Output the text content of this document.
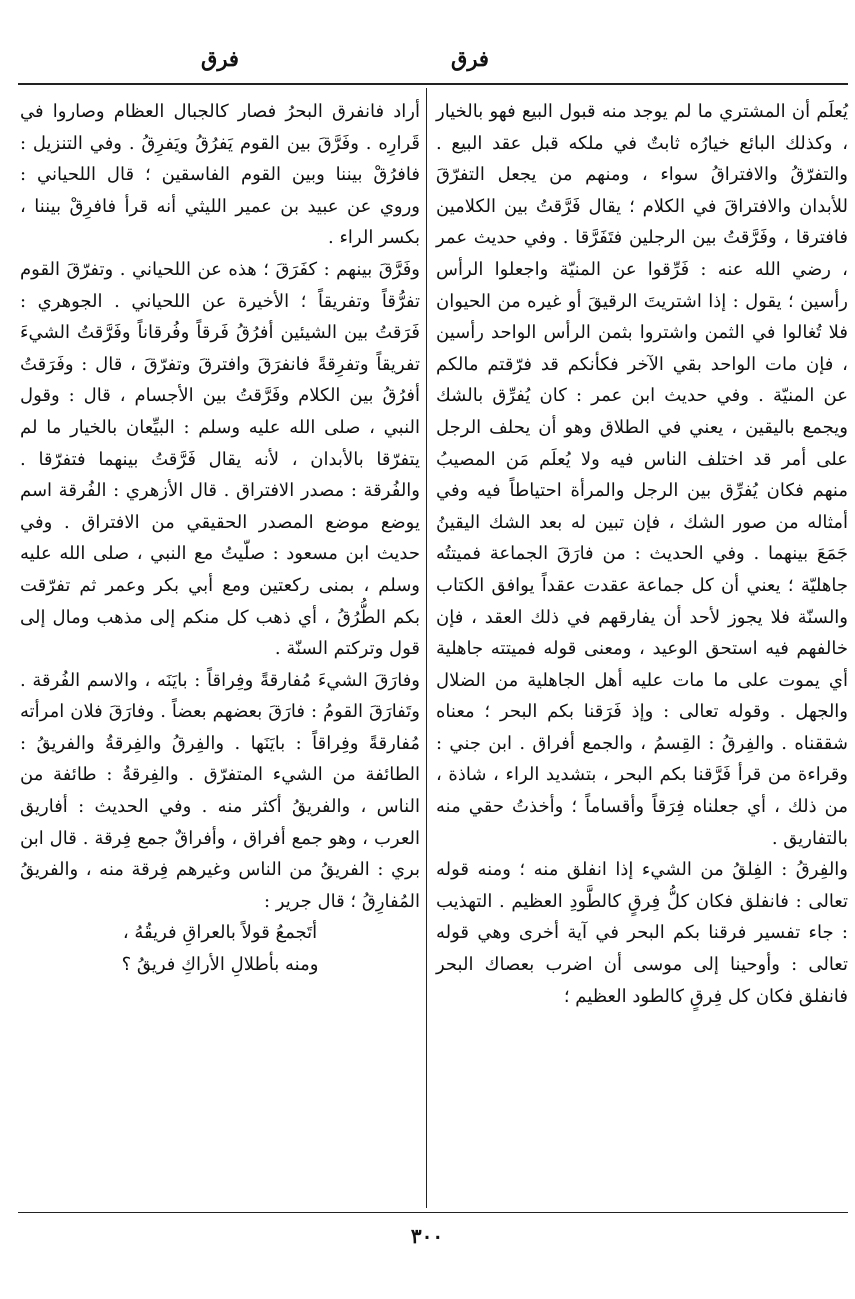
فرق
فرق

يُعلَم أن المشتري ما لم يوجد منه قبول البيع فهو بالخيار ، وكذلك البائع خيارُه ثابتٌ في ملكه قبل عقد البيع . والتفرّقُ والافتراقُ سواء ، ومنهم من يجعل التفرّقَ للأبدان والافتراقَ في الكلام ؛ يقال فَرَّقتُ بين الكلامين فافترقا ، وفَرَّقتُ بين الرجلين فتَفَرَّقا . وفي حديث عمر ، رضي الله عنه : فَرِّقوا عن المنيّة واجعلوا الرأس رأسين ؛ يقول : إذا اشتريتَ الرقيقَ أو غيره من الحيوان فلا تُغالوا في الثمن واشتروا بثمن الرأس الواحد رأسين ، فإن مات الواحد بقي الآخر فكأنكم قد فرّقتم مالكم عن المنيّة . وفي حديث ابن عمر : كان يُفرِّق بالشك ويجمع باليقين ، يعني في الطلاق وهو أن يحلف الرجل على أمر قد اختلف الناس فيه ولا يُعلَم مَن المصيبُ منهم فكان يُفرِّق بين الرجل والمرأة احتياطاً فيه وفي أمثاله من صور الشك ، فإن تبين له بعد الشك اليقينُ جَمَعَ بينهما . وفي الحديث : من فارَقَ الجماعة فميتتُه جاهليّة ؛ يعني أن كل جماعة عقدت عقداً يوافق الكتاب والسنّة فلا يجوز لأحد أن يفارقهم في ذلك العقد ، فإن خالفهم فيه استحق الوعيد ، ومعنى قوله فميتته جاهلية أي يموت على ما مات عليه أهل الجاهلية من الضلال والجهل . وقوله تعالى : وإذ فَرَقنا بكم البحر ؛ معناه شققناه . والفِرقُ : القِسمُ ، والجمع أفراق . ابن جني : وقراءة من قرأ فَرَّقنا بكم البحر ، بتشديد الراء ، شاذة ، من ذلك ، أي جعلناه فِرَقاً وأقساماً ؛ وأخذتُ حقي منه بالتفاريق .

والفِرقُ : الفِلقُ من الشيء إذا انفلق منه ؛ ومنه قوله تعالى : فانفلق فكان كلُّ فِرقٍ كالطَّودِ العظيم . التهذيب : جاء تفسير فرقنا بكم البحر في آية أخرى وهي قوله تعالى : وأوحينا إلى موسى أن اضرب بعصاك البحر فانفلق فكان كل فِرقٍ كالطود العظيم ؛

أراد فانفرق البحرُ فصار كالجبال العظام وصاروا في قَرارِه . وفَرَّقَ بين القوم يَفرُقُ ويَفرِقُ . وفي التنزيل : فافرُقْ بيننا وبين القوم الفاسقين ؛ قال اللحياني : وروي عن عبيد بن عمير الليثي أنه قرأ فافرِقْ بيننا ، بكسر الراء .

وفَرَّقَ بينهم : كفَرَقَ ؛ هذه عن اللحياني . وتفرّقَ القوم تفرُّقاً وتفريقاً ؛ الأخيرة عن اللحياني . الجوهري : فَرَقتُ بين الشيئين أفرُقُ فَرقاً وفُرقاناً وفَرَّقتُ الشيءَ تفريقاً وتفرِقةً فانفرَقَ وافترقَ وتفرّقَ ، قال : وفَرَقتُ أفرُقُ بين الكلام وفَرَّقتُ بين الأجسام ، قال : وقول النبي ، صلى الله عليه وسلم : البيِّعان بالخيار ما لم يتفرّقا بالأبدان ، لأنه يقال فَرَّقتُ بينهما فتفرّقا . والفُرقة : مصدر الافتراق . قال الأزهري : الفُرقة اسم يوضع موضع المصدر الحقيقي من الافتراق . وفي حديث ابن مسعود : صلّيتُ مع النبي ، صلى الله عليه وسلم ، بمنى ركعتين ومع أبي بكر وعمر ثم تفرّقت بكم الطُّرُقُ ، أي ذهب كل منكم إلى مذهب ومال إلى قول وتركتم السنّة .

وفارَقَ الشيءَ مُفارقةً وفِراقاً : بايَنَه ، والاسم الفُرقة . وتَفارَقَ القومُ : فارَقَ بعضهم بعضاً . وفارَقَ فلان امرأته مُفارقةً وفِراقاً : بايَنَها . والفِرقُ والفِرقةُ والفريقُ : الطائفة من الشيء المتفرّق . والفِرقةُ : طائفة من الناس ، والفريقُ أكثر منه . وفي الحديث : أفاريق العرب ، وهو جمع أفراق ، وأفراقٌ جمع فِرقة . قال ابن بري : الفريقُ من الناس وغيرهم فِرقة منه ، والفريقُ المُفارِقُ ؛ قال جرير :

أتَجمعُ قولاً بالعراقِ فريقُهُ ،

ومنه بأطلالِ الأراكِ فريقُ ؟

٣٠٠
